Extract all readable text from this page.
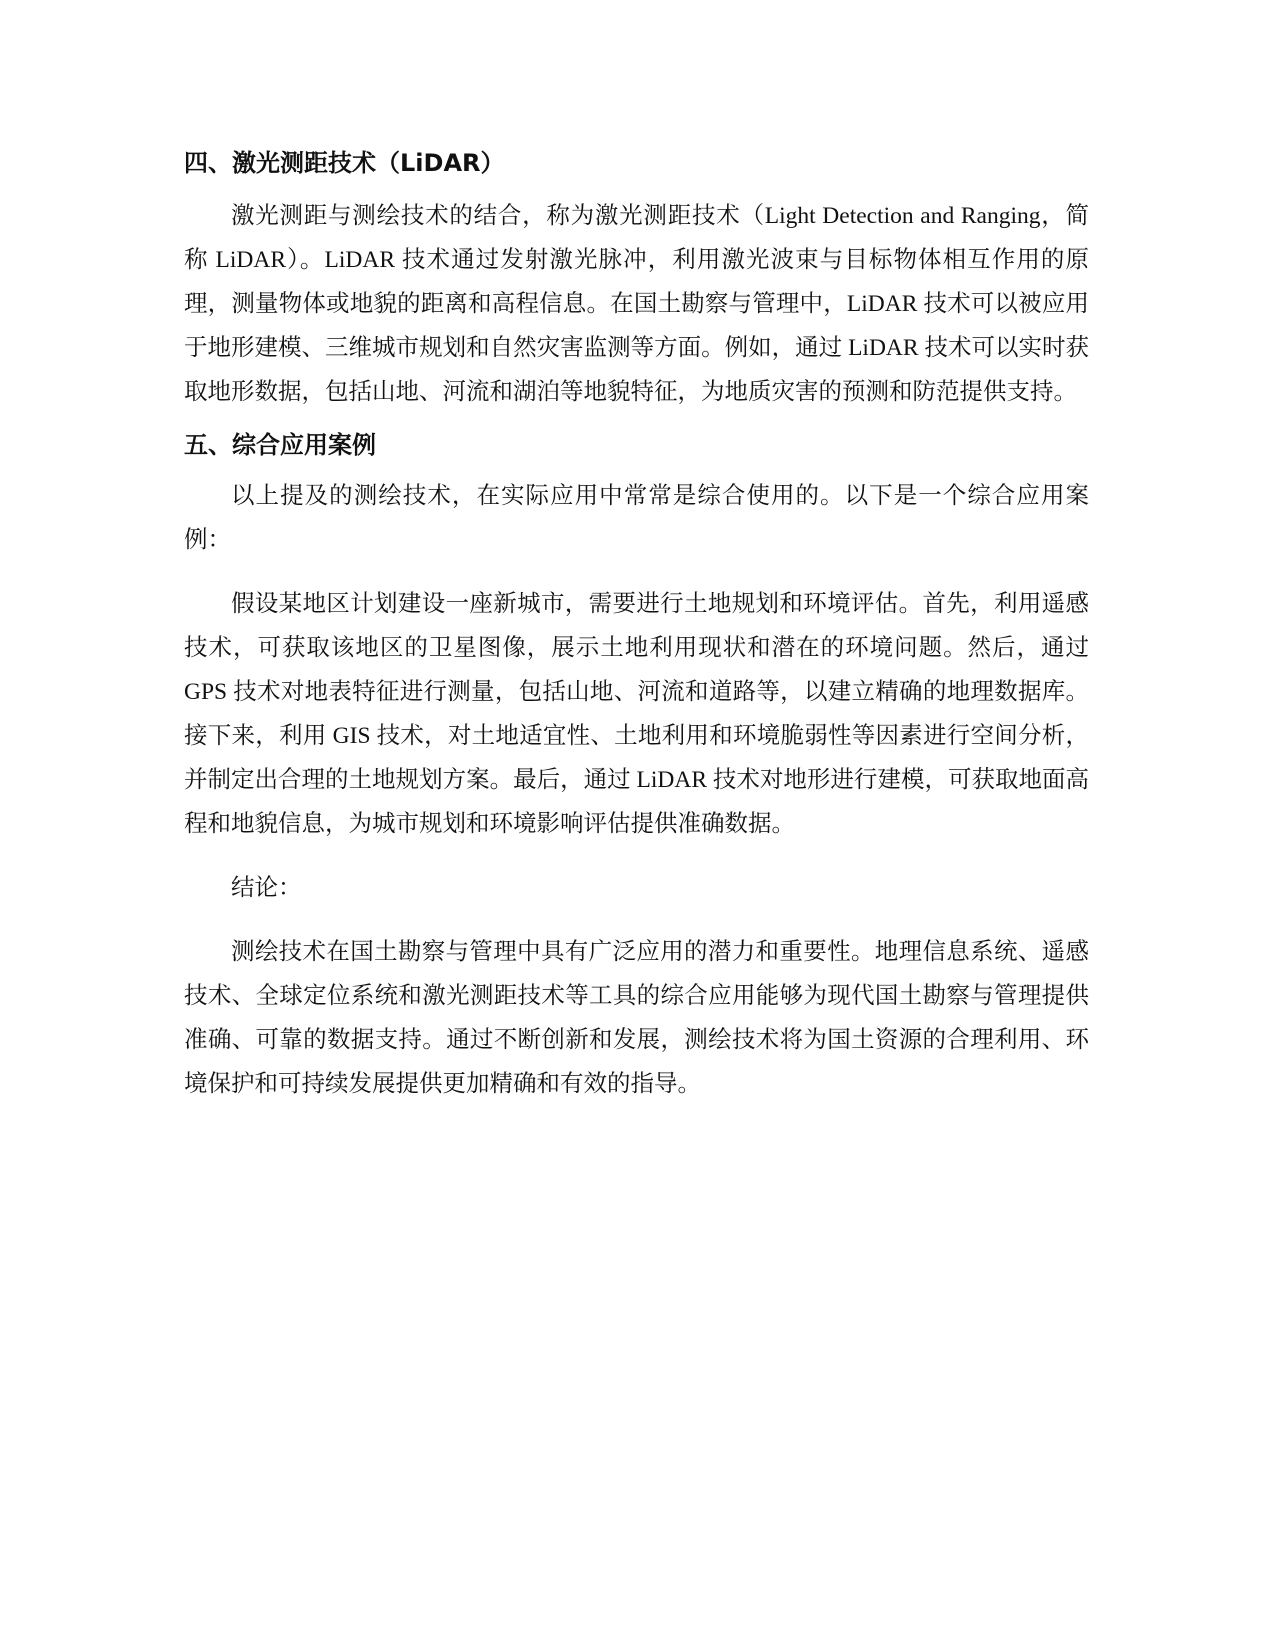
四、激光测距技术（LiDAR）

激光测距与测绘技术的结合，称为激光测距技术（Light Detection and Ranging，简称 LiDAR）。LiDAR 技术通过发射激光脉冲，利用激光波束与目标物体相互作用的原理，测量物体或地貌的距离和高程信息。在国土勘察与管理中，LiDAR 技术可以被应用于地形建模、三维城市规划和自然灾害监测等方面。例如，通过 LiDAR 技术可以实时获取地形数据，包括山地、河流和湖泊等地貌特征，为地质灾害的预测和防范提供支持。

五、综合应用案例

以上提及的测绘技术，在实际应用中常常是综合使用的。以下是一个综合应用案例：

假设某地区计划建设一座新城市，需要进行土地规划和环境评估。首先，利用遥感技术，可获取该地区的卫星图像，展示土地利用现状和潜在的环境问题。然后，通过 GPS 技术对地表特征进行测量，包括山地、河流和道路等，以建立精确的地理数据库。接下来，利用 GIS 技术，对土地适宜性、土地利用和环境脆弱性等因素进行空间分析，并制定出合理的土地规划方案。最后，通过 LiDAR 技术对地形进行建模，可获取地面高程和地貌信息，为城市规划和环境影响评估提供准确数据。

结论：

测绘技术在国土勘察与管理中具有广泛应用的潜力和重要性。地理信息系统、遥感技术、全球定位系统和激光测距技术等工具的综合应用能够为现代国土勘察与管理提供准确、可靠的数据支持。通过不断创新和发展，测绘技术将为国土资源的合理利用、环境保护和可持续发展提供更加精确和有效的指导。
